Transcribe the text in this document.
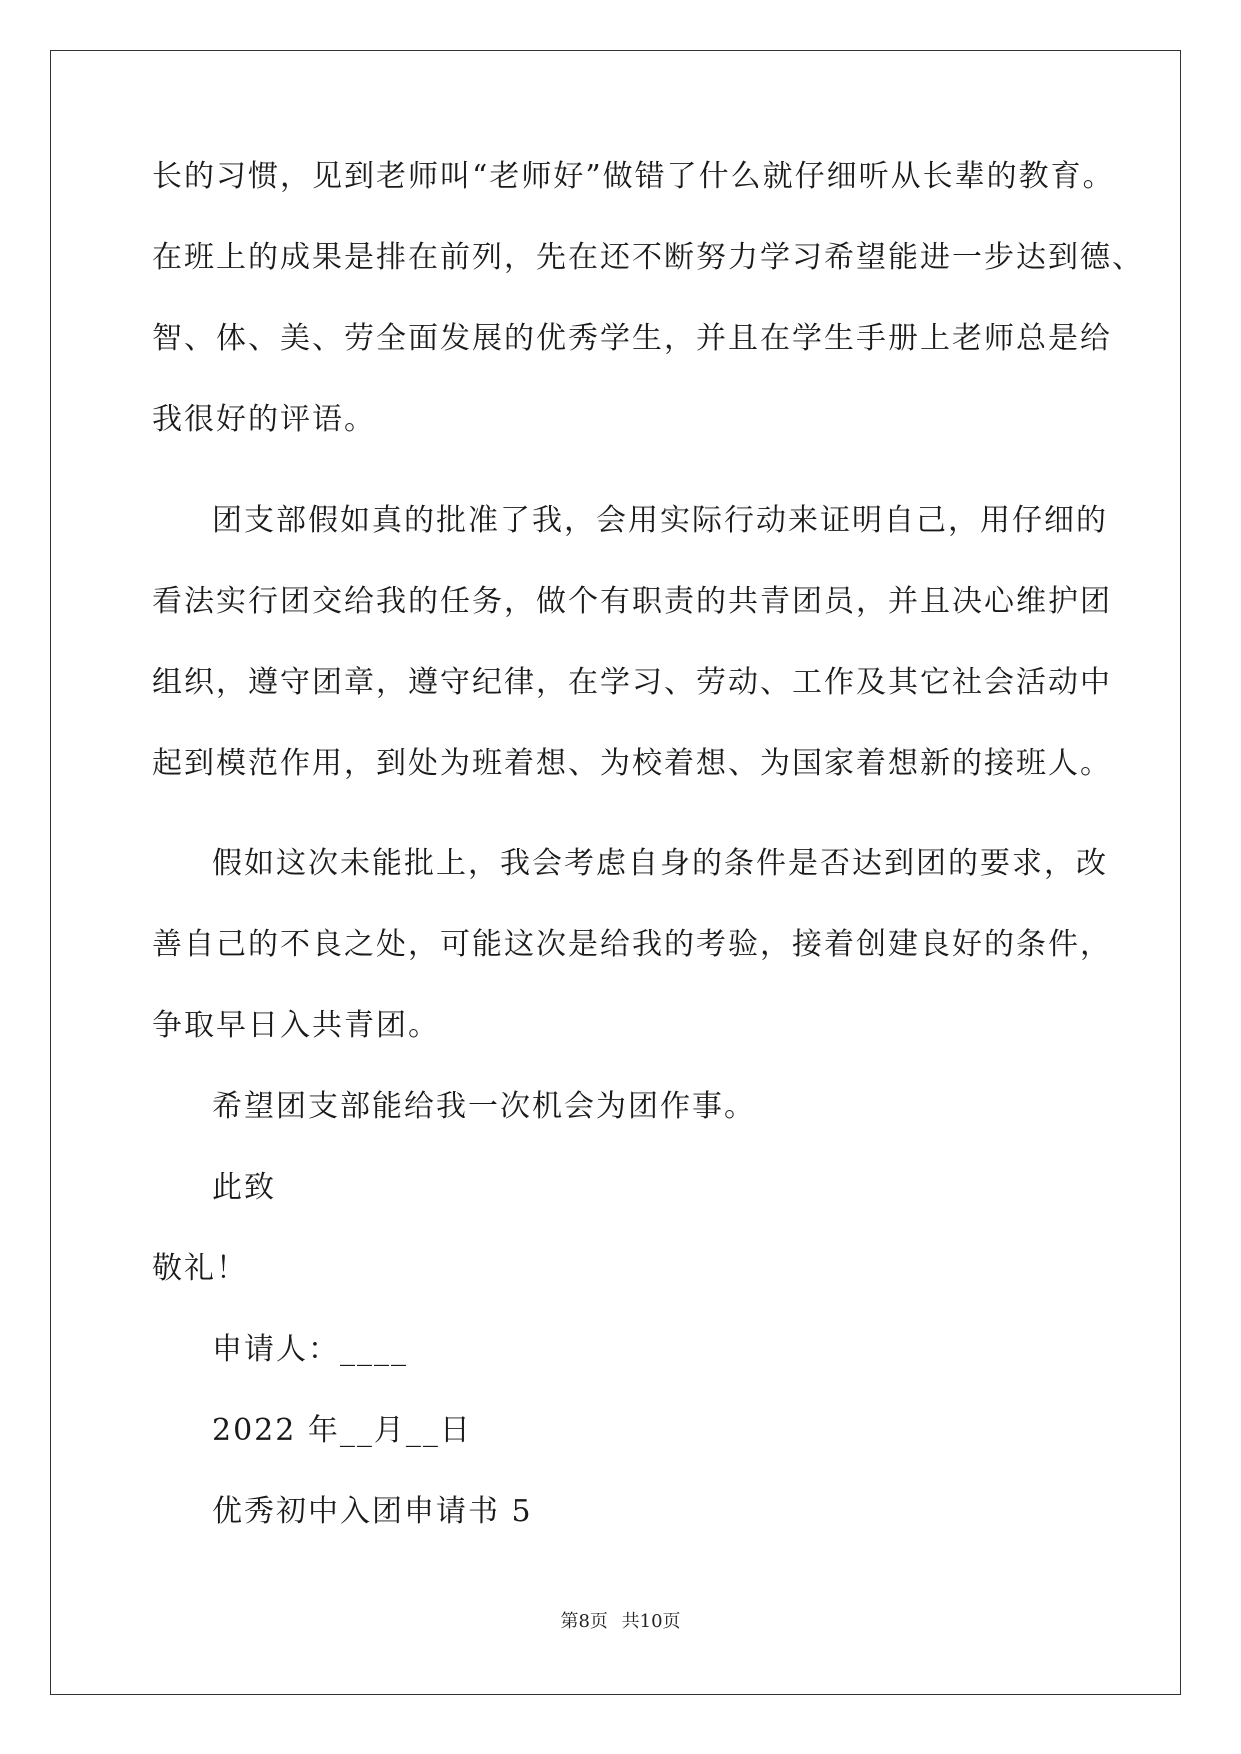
长的习惯，见到老师叫“老师好”做错了什么就仔细听从长辈的教育。
在班上的成果是排在前列，先在还不断努力学习希望能进一步达到德、
智、体、美、劳全面发展的优秀学生，并且在学生手册上老师总是给
我很好的评语。
团支部假如真的批准了我，会用实际行动来证明自己，用仔细的
看法实行团交给我的任务，做个有职责的共青团员，并且决心维护团
组织，遵守团章，遵守纪律，在学习、劳动、工作及其它社会活动中
起到模范作用，到处为班着想、为校着想、为国家着想新的接班人。
假如这次未能批上，我会考虑自身的条件是否达到团的要求，改
善自己的不良之处，可能这次是给我的考验，接着创建良好的条件，
争取早日入共青团。
希望团支部能给我一次机会为团作事。
此致
敬礼！
申请人：____
2022 年__月__日
优秀初中入团申请书 5
第8页 共10页
